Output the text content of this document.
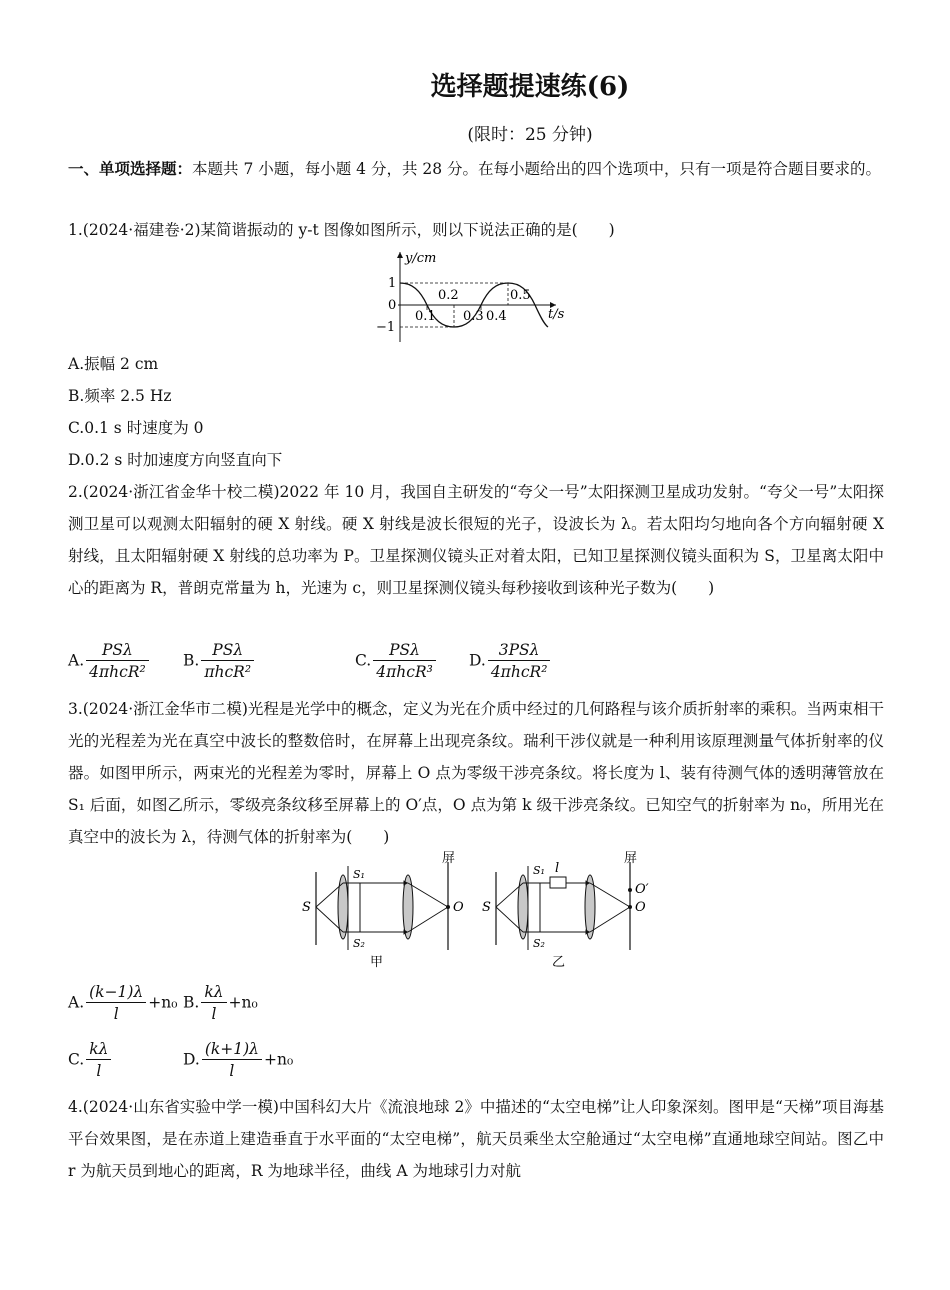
选择题提速练(6)
(限时：25 分钟)
一、单项选择题：本题共 7 小题，每小题 4 分，共 28 分。在每小题给出的四个选项中，只有一项是符合题目要求的。
1.(2024·福建卷·2)某简谐振动的 y-t 图像如图所示，则以下说法正确的是(　　)
y/cm
t/s
1
0
−1
0.1
0.2
0.3 0.4
0.5
A.振幅 2 cm
B.频率 2.5 Hz
C.0.1 s 时速度为 0
D.0.2 s 时加速度方向竖直向下
2.(2024·浙江省金华十校二模)2022 年 10 月，我国自主研发的“夸父一号”太阳探测卫星成功发射。“夸父一号”太阳探测卫星可以观测太阳辐射的硬 X 射线。硬 X 射线是波长很短的光子，设波长为 λ。若太阳均匀地向各个方向辐射硬 X 射线，且太阳辐射硬 X 射线的总功率为 P。卫星探测仪镜头正对着太阳，已知卫星探测仪镜头面积为 S，卫星离太阳中心的距离为 R，普朗克常量为 h，光速为 c，则卫星探测仪镜头每秒接收到该种光子数为(　　)
A. $\frac{\text{PSλ}}{\text{4πhcR²}} B$. $\frac{\text{PSλ}}{\text{πhcR²}}$	C. $\frac{\text{PSλ}}{\text{4πhcR³}} D$. $\frac{\text{3PSλ}}{\text{4πhcR²}}$
3.(2024·浙江金华市二模)光程是光学中的概念，定义为光在介质中经过的几何路程与该介质折射率的乘积。当两束相干光的光程差为光在真空中波长的整数倍时，在屏幕上出现亮条纹。瑞利干涉仪就是一种利用该原理测量气体折射率的仪器。如图甲所示，两束光的光程差为零时，屏幕上 O 点为零级干涉亮条纹。将长度为 l、装有待测气体的透明薄管放在 S₁ 后面，如图乙所示，零级亮条纹移至屏幕上的 O′点，O 点为第 k 级干涉亮条纹。已知空气的折射率为 n₀，所用光在真空中的波长为 λ，待测气体的折射率为(　　)
屏
S
S₁
S₂
O
甲
屏
S
S₁ l
S₂
O′
O
乙
A. $\frac{(k-1)\lambda}{l} +n_0$ B. $\frac{k\lambda}{l} +n_0$
C. $\frac{k\lambda}{l}$	D. $\frac{(k+1)\lambda}{l} +n_0$
4.(2024·山东省实验中学一模)中国科幻大片《流浪地球 2》中描述的“太空电梯”让人印象深刻。图甲是“天梯”项目海基平台效果图，是在赤道上建造垂直于水平面的“太空电梯”，航天员乘坐太空舱通过“太空电梯”直通地球空间站。图乙中 r 为航天员到地心的距离，R 为地球半径，曲线 A 为地球引力对航
